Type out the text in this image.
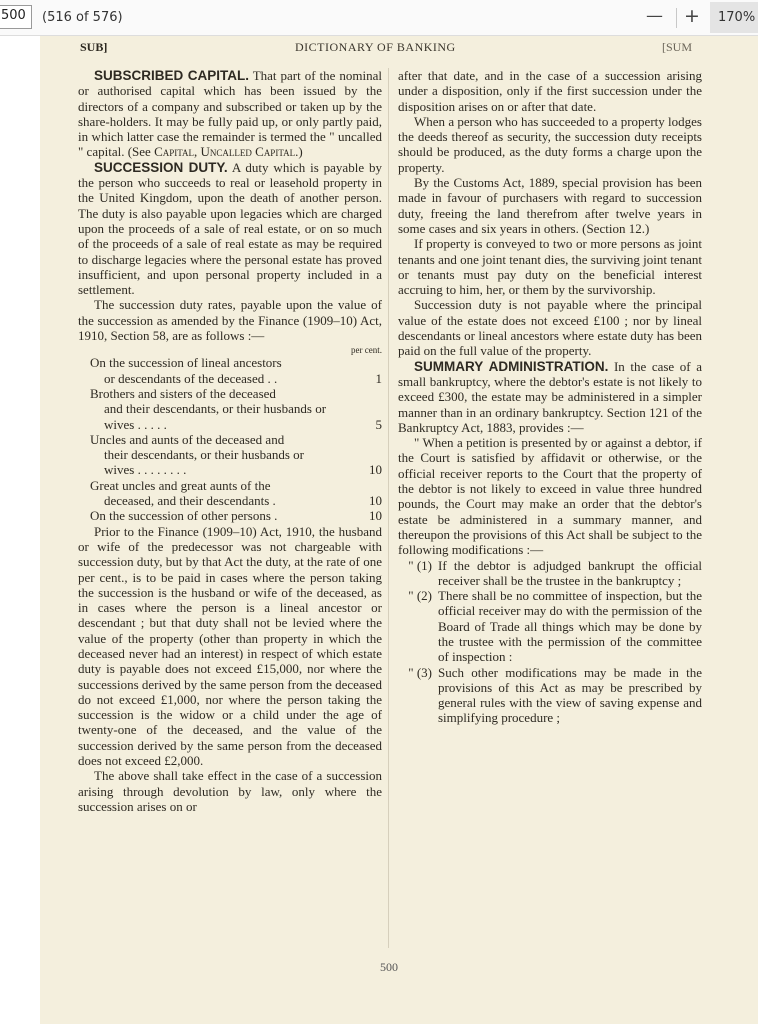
500	(516 of 576)	— +	170%
SUB]	DICTIONARY OF BANKING	[SUM

SUBSCRIBED CAPITAL. That part of the nominal or authorised capital which has been issued by the directors of a company and subscribed or taken up by the share-holders. It may be fully paid up, or only partly paid, in which latter case the remainder is termed the " uncalled " capital. (See Capital, Uncalled Capital.)

SUCCESSION DUTY. A duty which is payable by the person who succeeds to real or leasehold property in the United Kingdom, upon the death of another person. The duty is also payable upon legacies which are charged upon the proceeds of a sale of real estate, or on so much of the proceeds of a sale of real estate as may be required to discharge legacies where the personal estate has proved insufficient, and upon personal property included in a settlement.

The succession duty rates, payable upon the value of the succession as amended by the Finance (1909–10) Act, 1910, Section 58, are as follows :—

per cent.
On the succession of lineal ancestors
or descendants of the deceased . .	1
Brothers and sisters of the deceased
and their descendants, or their husbands or wives . . . . .	5
Uncles and aunts of the deceased and
their descendants, or their husbands or wives . . . . . . . .	10
Great uncles and great aunts of the
deceased, and their descendants .	10
On the succession of other persons .	10

Prior to the Finance (1909–10) Act, 1910, the husband or wife of the predecessor was not chargeable with succession duty, but by that Act the duty, at the rate of one per cent., is to be paid in cases where the person taking the succession is the husband or wife of the deceased, as in cases where the person is a lineal ancestor or descendant ; but that duty shall not be levied where the value of the property (other than property in which the deceased never had an interest) in respect of which estate duty is payable does not exceed £15,000, nor where the successions derived by the same person from the deceased do not exceed £1,000, nor where the person taking the succession is the widow or a child under the age of twenty-one of the deceased, and the value of the succession derived by the same person from the deceased does not exceed £2,000.

The above shall take effect in the case of a succession arising through devolution by law, only where the succession arises on or

after that date, and in the case of a succession arising under a disposition, only if the first succession under the disposition arises on or after that date.

When a person who has succeeded to a property lodges the deeds thereof as security, the succession duty receipts should be produced, as the duty forms a charge upon the property.

By the Customs Act, 1889, special provision has been made in favour of purchasers with regard to succession duty, freeing the land therefrom after twelve years in some cases and six years in others. (Section 12.)

If property is conveyed to two or more persons as joint tenants and one joint tenant dies, the surviving joint tenant or tenants must pay duty on the beneficial interest accruing to him, her, or them by the survivorship.

Succession duty is not payable where the principal value of the estate does not exceed £100 ; nor by lineal descendants or lineal ancestors where estate duty has been paid on the full value of the property.

SUMMARY ADMINISTRATION. In the case of a small bankruptcy, where the debtor's estate is not likely to exceed £300, the estate may be administered in a simpler manner than in an ordinary bankruptcy. Section 121 of the Bankruptcy Act, 1883, provides :—

" When a petition is presented by or against a debtor, if the Court is satisfied by affidavit or otherwise, or the official receiver reports to the Court that the property of the debtor is not likely to exceed in value three hundred pounds, the Court may make an order that the debtor's estate be administered in a summary manner, and thereupon the provisions of this Act shall be subject to the following modifications :—

" (1) If the debtor is adjudged bankrupt the official receiver shall be the trustee in the bankruptcy ;
" (2) There shall be no committee of inspection, but the official receiver may do with the permission of the Board of Trade all things which may be done by the trustee with the permission of the committee of inspection :
" (3) Such other modifications may be made in the provisions of this Act as may be prescribed by general rules with the view of saving expense and simplifying procedure ;
500
